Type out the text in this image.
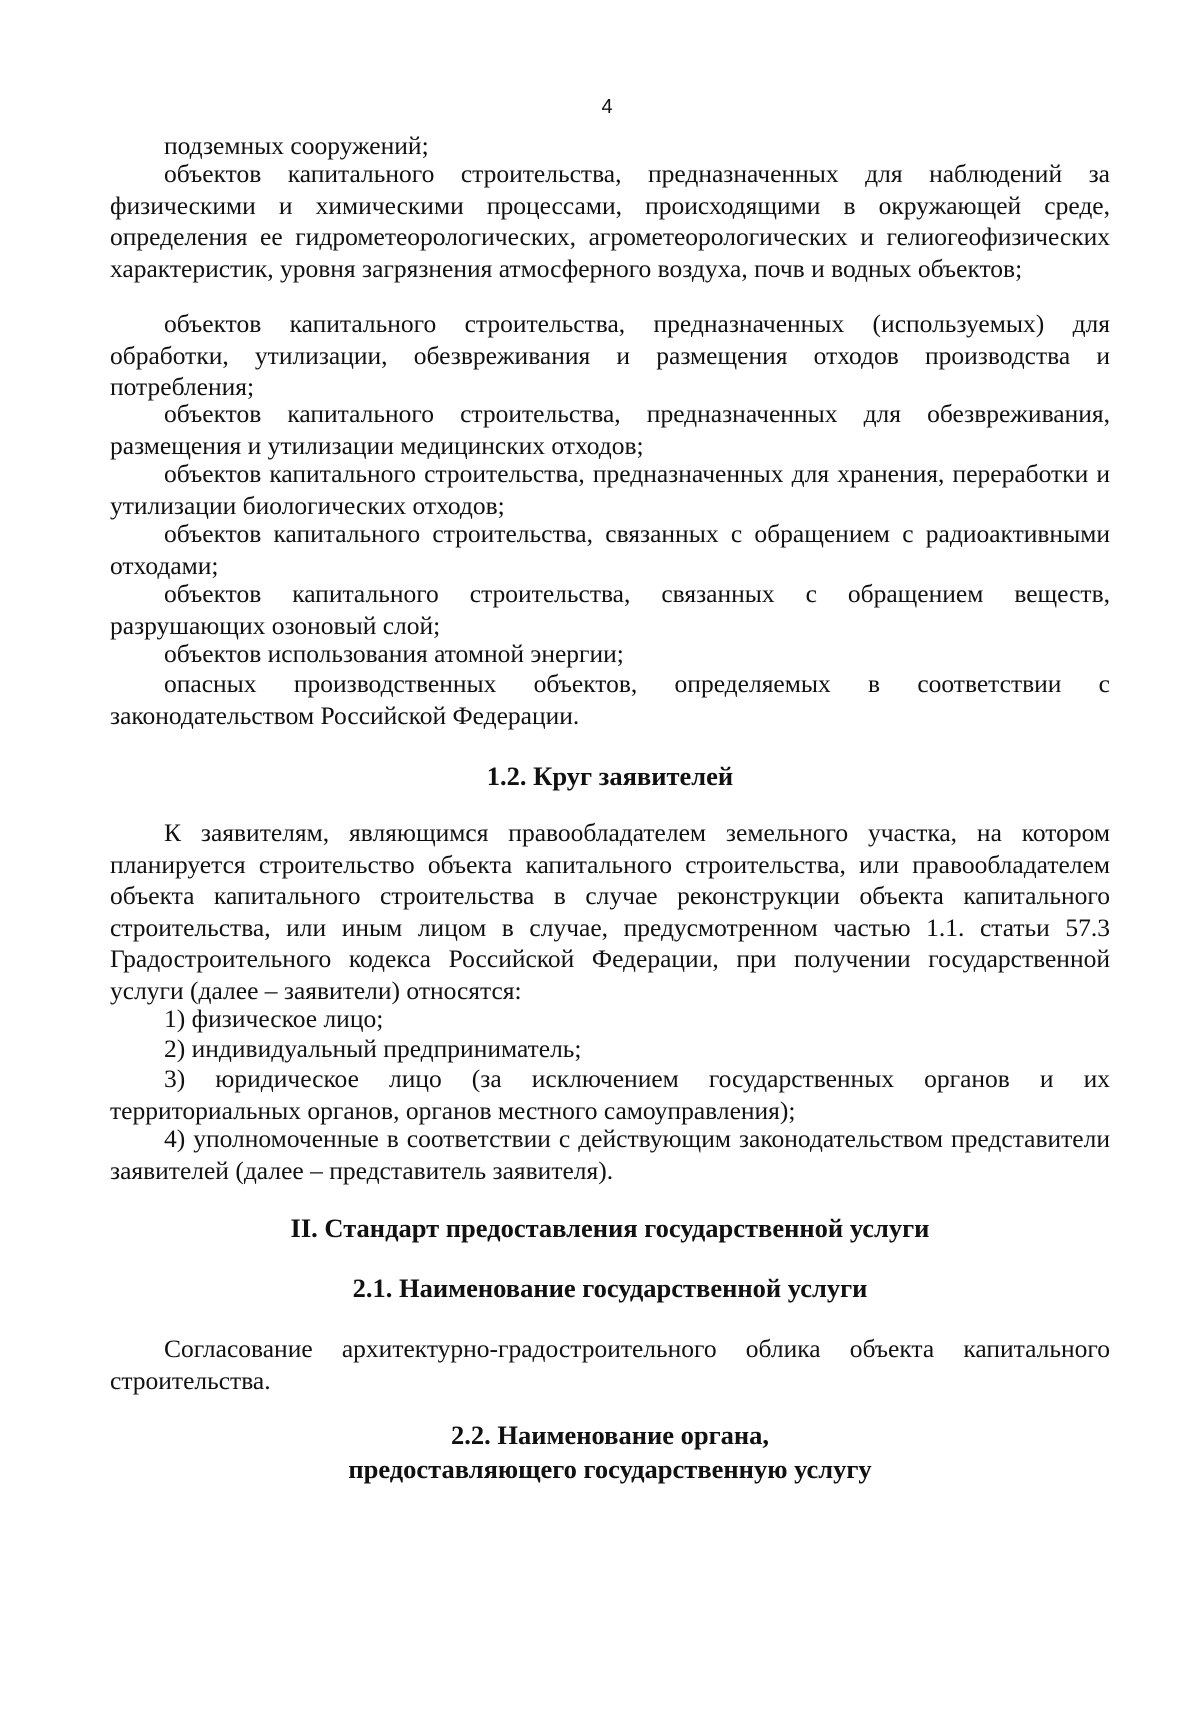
4
подземных сооружений;
объектов капитального строительства, предназначенных для наблюдений за физическими и химическими процессами, происходящими в окружающей среде, определения ее гидрометеорологических, агрометеорологических и гелиогеофизических характеристик, уровня загрязнения атмосферного воздуха, почв и водных объектов;
объектов капитального строительства, предназначенных (используемых) для обработки, утилизации, обезвреживания и размещения отходов производства и потребления;
объектов капитального строительства, предназначенных для обезвреживания, размещения и утилизации медицинских отходов;
объектов капитального строительства, предназначенных для хранения, переработки и утилизации биологических отходов;
объектов капитального строительства, связанных с обращением с радиоактивными отходами;
объектов капитального строительства, связанных с обращением веществ, разрушающих озоновый слой;
объектов использования атомной энергии;
опасных производственных объектов, определяемых в соответствии с законодательством Российской Федерации.
1.2. Круг заявителей
К заявителям, являющимся правообладателем земельного участка, на котором планируется строительство объекта капитального строительства, или правообладателем объекта капитального строительства в случае реконструкции объекта капитального строительства, или иным лицом в случае, предусмотренном частью 1.1. статьи 57.3 Градостроительного кодекса Российской Федерации, при получении государственной услуги (далее – заявители) относятся:
1) физическое лицо;
2) индивидуальный предприниматель;
3) юридическое лицо (за исключением государственных органов и их территориальных органов, органов местного самоуправления);
4) уполномоченные в соответствии с действующим законодательством представители заявителей (далее – представитель заявителя).
II. Стандарт предоставления государственной услуги
2.1. Наименование государственной услуги
Согласование архитектурно-градостроительного облика объекта капитального строительства.
2.2. Наименование органа,
предоставляющего государственную услугу
